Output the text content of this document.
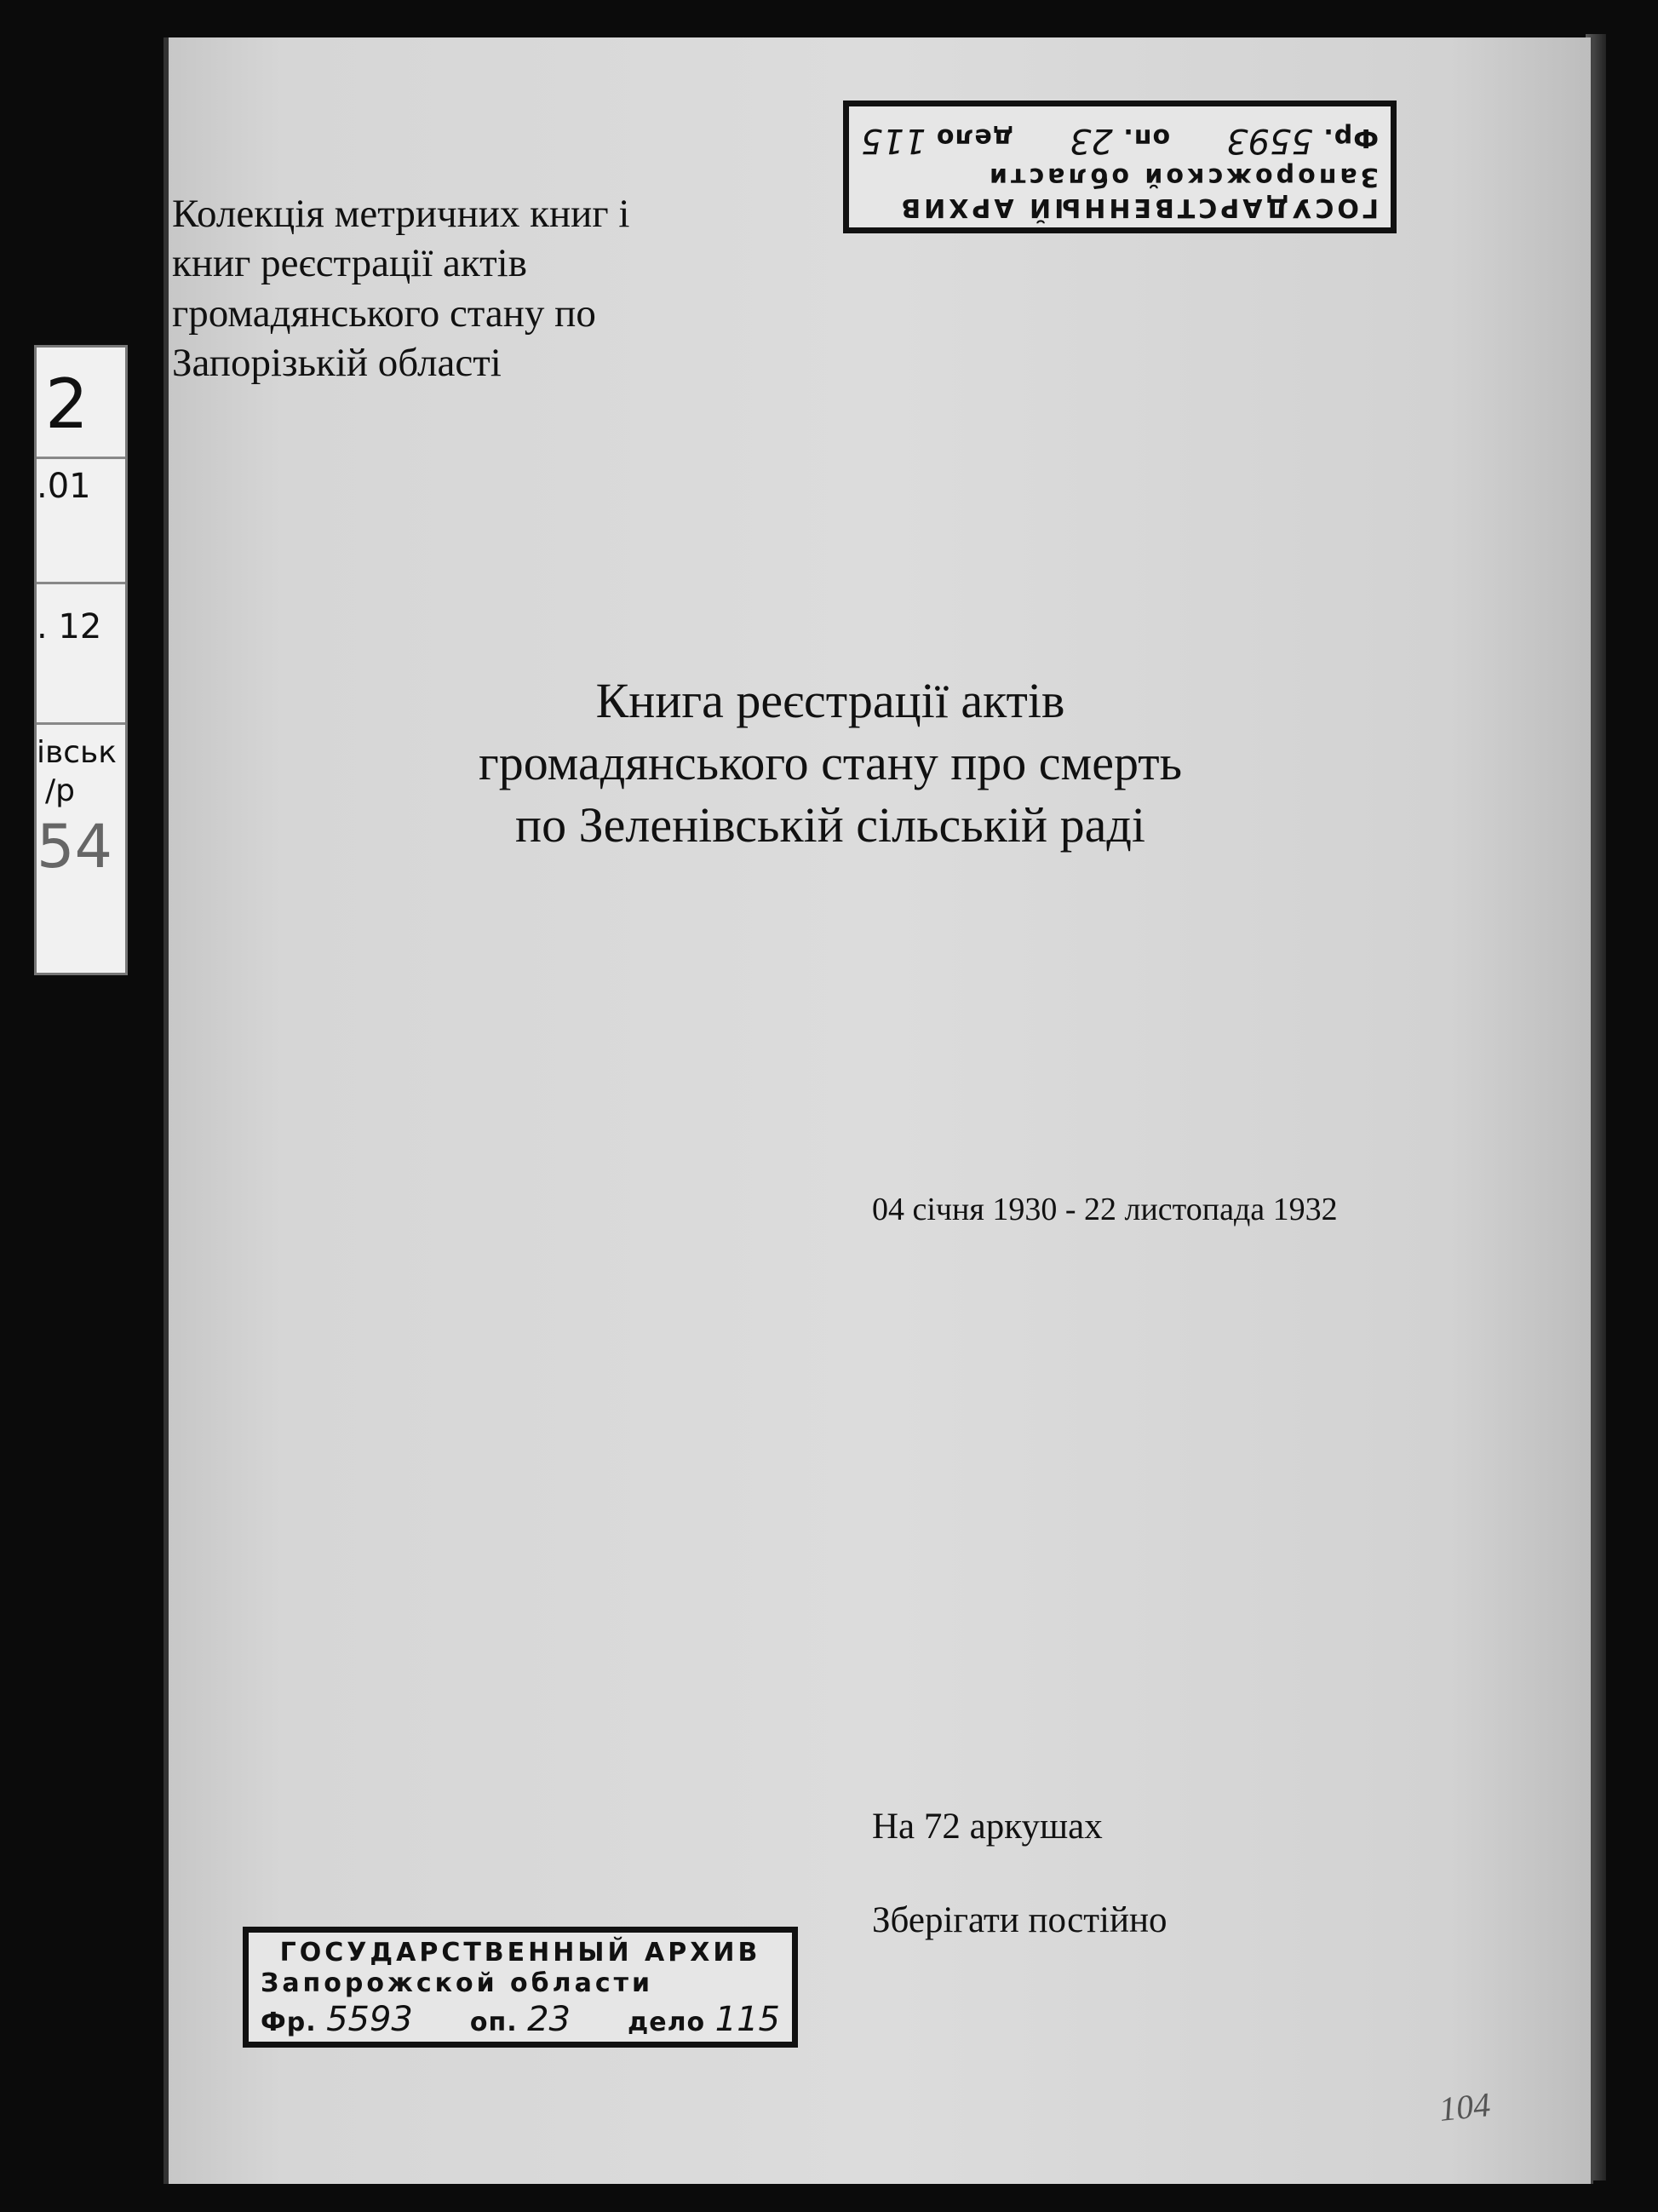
2
.01
. 12
івськ
/р
54
ГОСУДАРСТВЕННЫЙ АРХИВ
Запорожской области
Фр. 5593
оп. 23
дело 115
Колекція метричних книг і
книг реєстрації актів
громадянського стану по
Запорізькій області
Книга реєстрації актів
громадянського стану про смерть
по Зеленівській сільській раді
04 січня 1930 - 22 листопада 1932
На 72 аркушах
Зберігати постійно
ГОСУДАРСТВЕННЫЙ АРХИВ
Запорожской области
Фр. 5593 оп. 23 дело 115
104
